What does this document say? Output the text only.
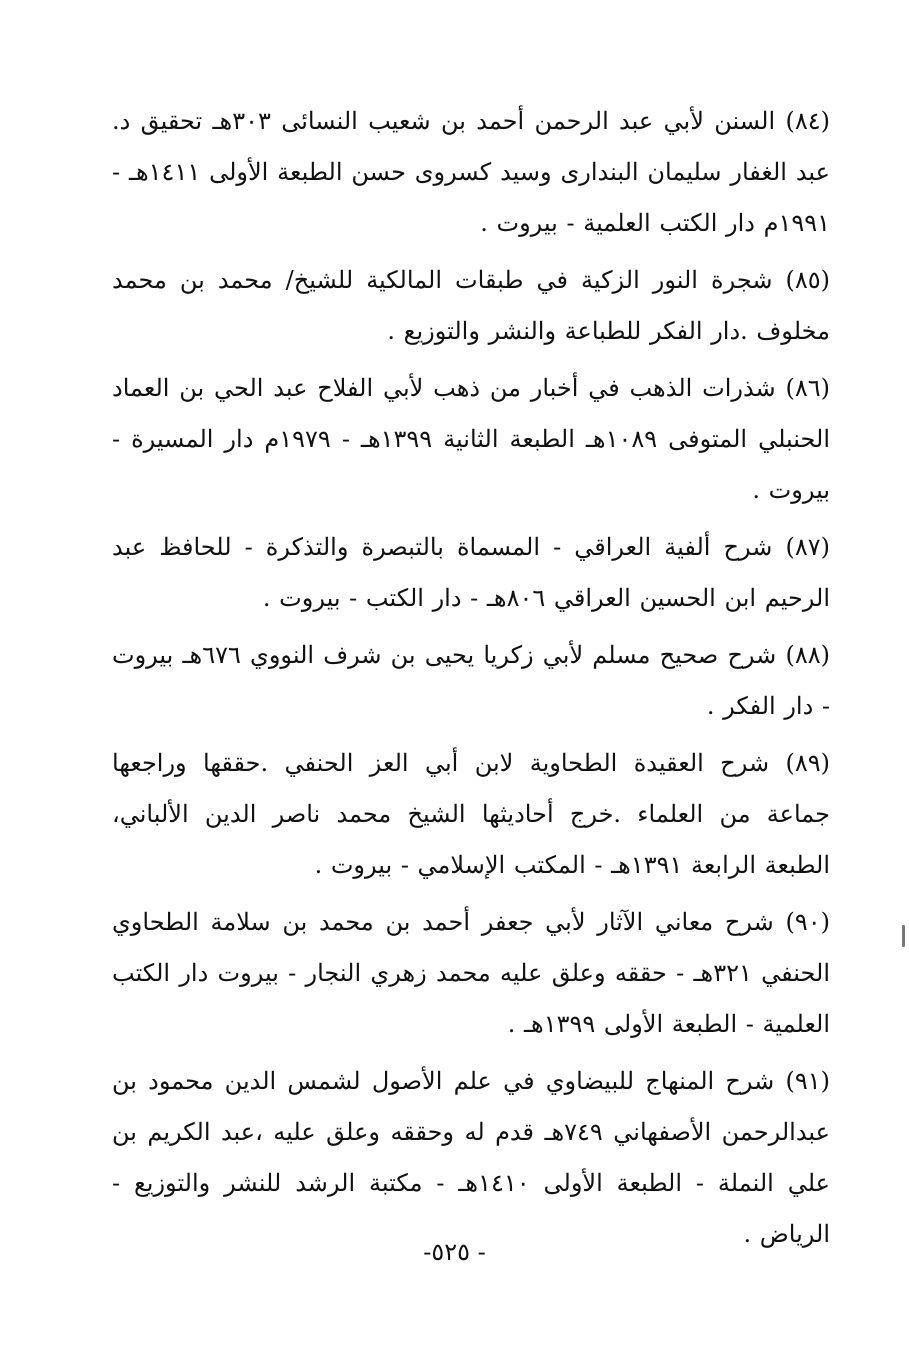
(٨٤) السنن لأبي عبد الرحمن أحمد بن شعيب النسائى ٣٠٣هـ تحقيق د. عبد الغفار سليمان البندارى وسيد كسروى حسن الطبعة الأولى ١٤١١هـ - ١٩٩١م دار الكتب العلمية - بيروت .

(٨٥) شجرة النور الزكية في طبقات المالكية للشيخ/ محمد بن محمد مخلوف .دار الفكر للطباعة والنشر والتوزيع .

(٨٦) شذرات الذهب في أخبار من ذهب لأبي الفلاح عبد الحي بن العماد الحنبلي المتوفى ١٠٨٩هـ الطبعة الثانية ١٣٩٩هـ - ١٩٧٩م دار المسيرة - بيروت .

(٨٧) شرح ألفية العراقي - المسماة بالتبصرة والتذكرة - للحافظ عبد الرحيم ابن الحسين العراقي ٨٠٦هـ - دار الكتب - بيروت .

(٨٨) شرح صحيح مسلم لأبي زكريا يحيى بن شرف النووي ٦٧٦هـ بيروت - دار الفكر .

(٨٩) شرح العقيدة الطحاوية لابن أبي العز الحنفي .حققها وراجعها جماعة من العلماء .خرج أحاديثها الشيخ محمد ناصر الدين الألباني، الطبعة الرابعة ١٣٩١هـ - المكتب الإسلامي - بيروت .

(٩٠) شرح معاني الآثار لأبي جعفر أحمد بن محمد بن سلامة الطحاوي الحنفي ٣٢١هـ - حققه وعلق عليه محمد زهري النجار - بيروت دار الكتب العلمية - الطبعة الأولى ١٣٩٩هـ .

(٩١) شرح المنهاج للبيضاوي في علم الأصول لشمس الدين محمود بن عبدالرحمن الأصفهاني ٧٤٩هـ قدم له وحققه وعلق عليه ،عبد الكريم بن علي النملة - الطبعة الأولى ١٤١٠هـ - مكتبة الرشد للنشر والتوزيع - الرياض .

- ٥٢٥-
